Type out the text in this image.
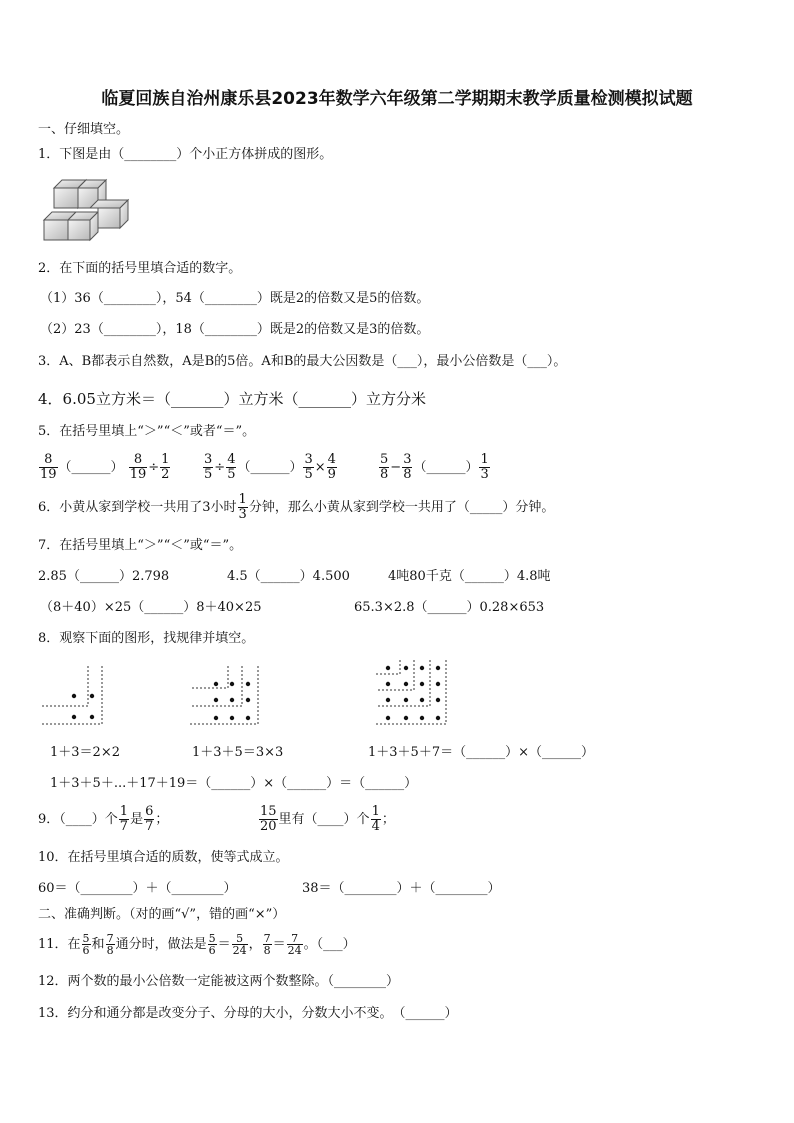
临夏回族自治州康乐县2023年数学六年级第二学期期末教学质量检测模拟试题
一、仔细填空。
1．下图是由（________）个小正方体拼成的图形。
2．在下面的括号里填合适的数字。
（1）36（________），54（________）既是2的倍数又是5的倍数。
（2）23（________），18（________）既是2的倍数又是3的倍数。
3．A、B都表示自然数，A是B的5倍。A和B的最大公因数是（___），最小公倍数是（___）。
4．6.05立方米＝（_______）立方米（_______）立方分米
5．在括号里填上“＞”“＜”或者“＝”。
$\frac{8}{19}$ （______） $\frac{8}{19} \div \frac{1}{2}$	$\frac{3}{5} \div \frac{4}{5}$ （______） $\frac{3}{5} \times \frac{4}{9}$	$\frac{5}{8} - \frac{3}{8}$ （______） $\frac{1}{3}$
6．小黄从家到学校一共用了3小时 $\frac{1}{3}$ 分钟，那么小黄从家到学校一共用了（_____）分钟。
7．在括号里填上“＞”“＜”或“＝”。
2.85（______）2.798	4.5（______）4.500	4吨80千克（______）4.8吨
（8＋40）×25（______）8＋40×25	65.3×2.8（______）0.28×653
8．观察下面的图形，找规律并填空。
1＋3＝2×2	1＋3＋5＝3×3	1＋3＋5＋7＝（______）×（______）
1＋3＋5＋...＋17＋19＝（______）×（______）＝（______）
9．（____）个 $\frac{1}{7}$ 是 $\frac{6}{7}$ ；	$\frac{15}{20}$ 里有（____）个 $\frac{1}{4}$ ；
10．在括号里填合适的质数，使等式成立。
60＝（________）＋（________）	38＝（________）＋（________）
二、准确判断。（对的画“√”，错的画“×”）
11．在 $\frac{5}{6}$ 和 $\frac{7}{8}$ 通分时，做法是 $\frac{5}{6} = \frac{5}{24}$ ， $\frac{7}{8} = \frac{7}{24}$ 。（___）
12．两个数的最小公倍数一定能被这两个数整除。（________）
13．约分和通分都是改变分子、分母的大小，分数大小不变。　（______）
